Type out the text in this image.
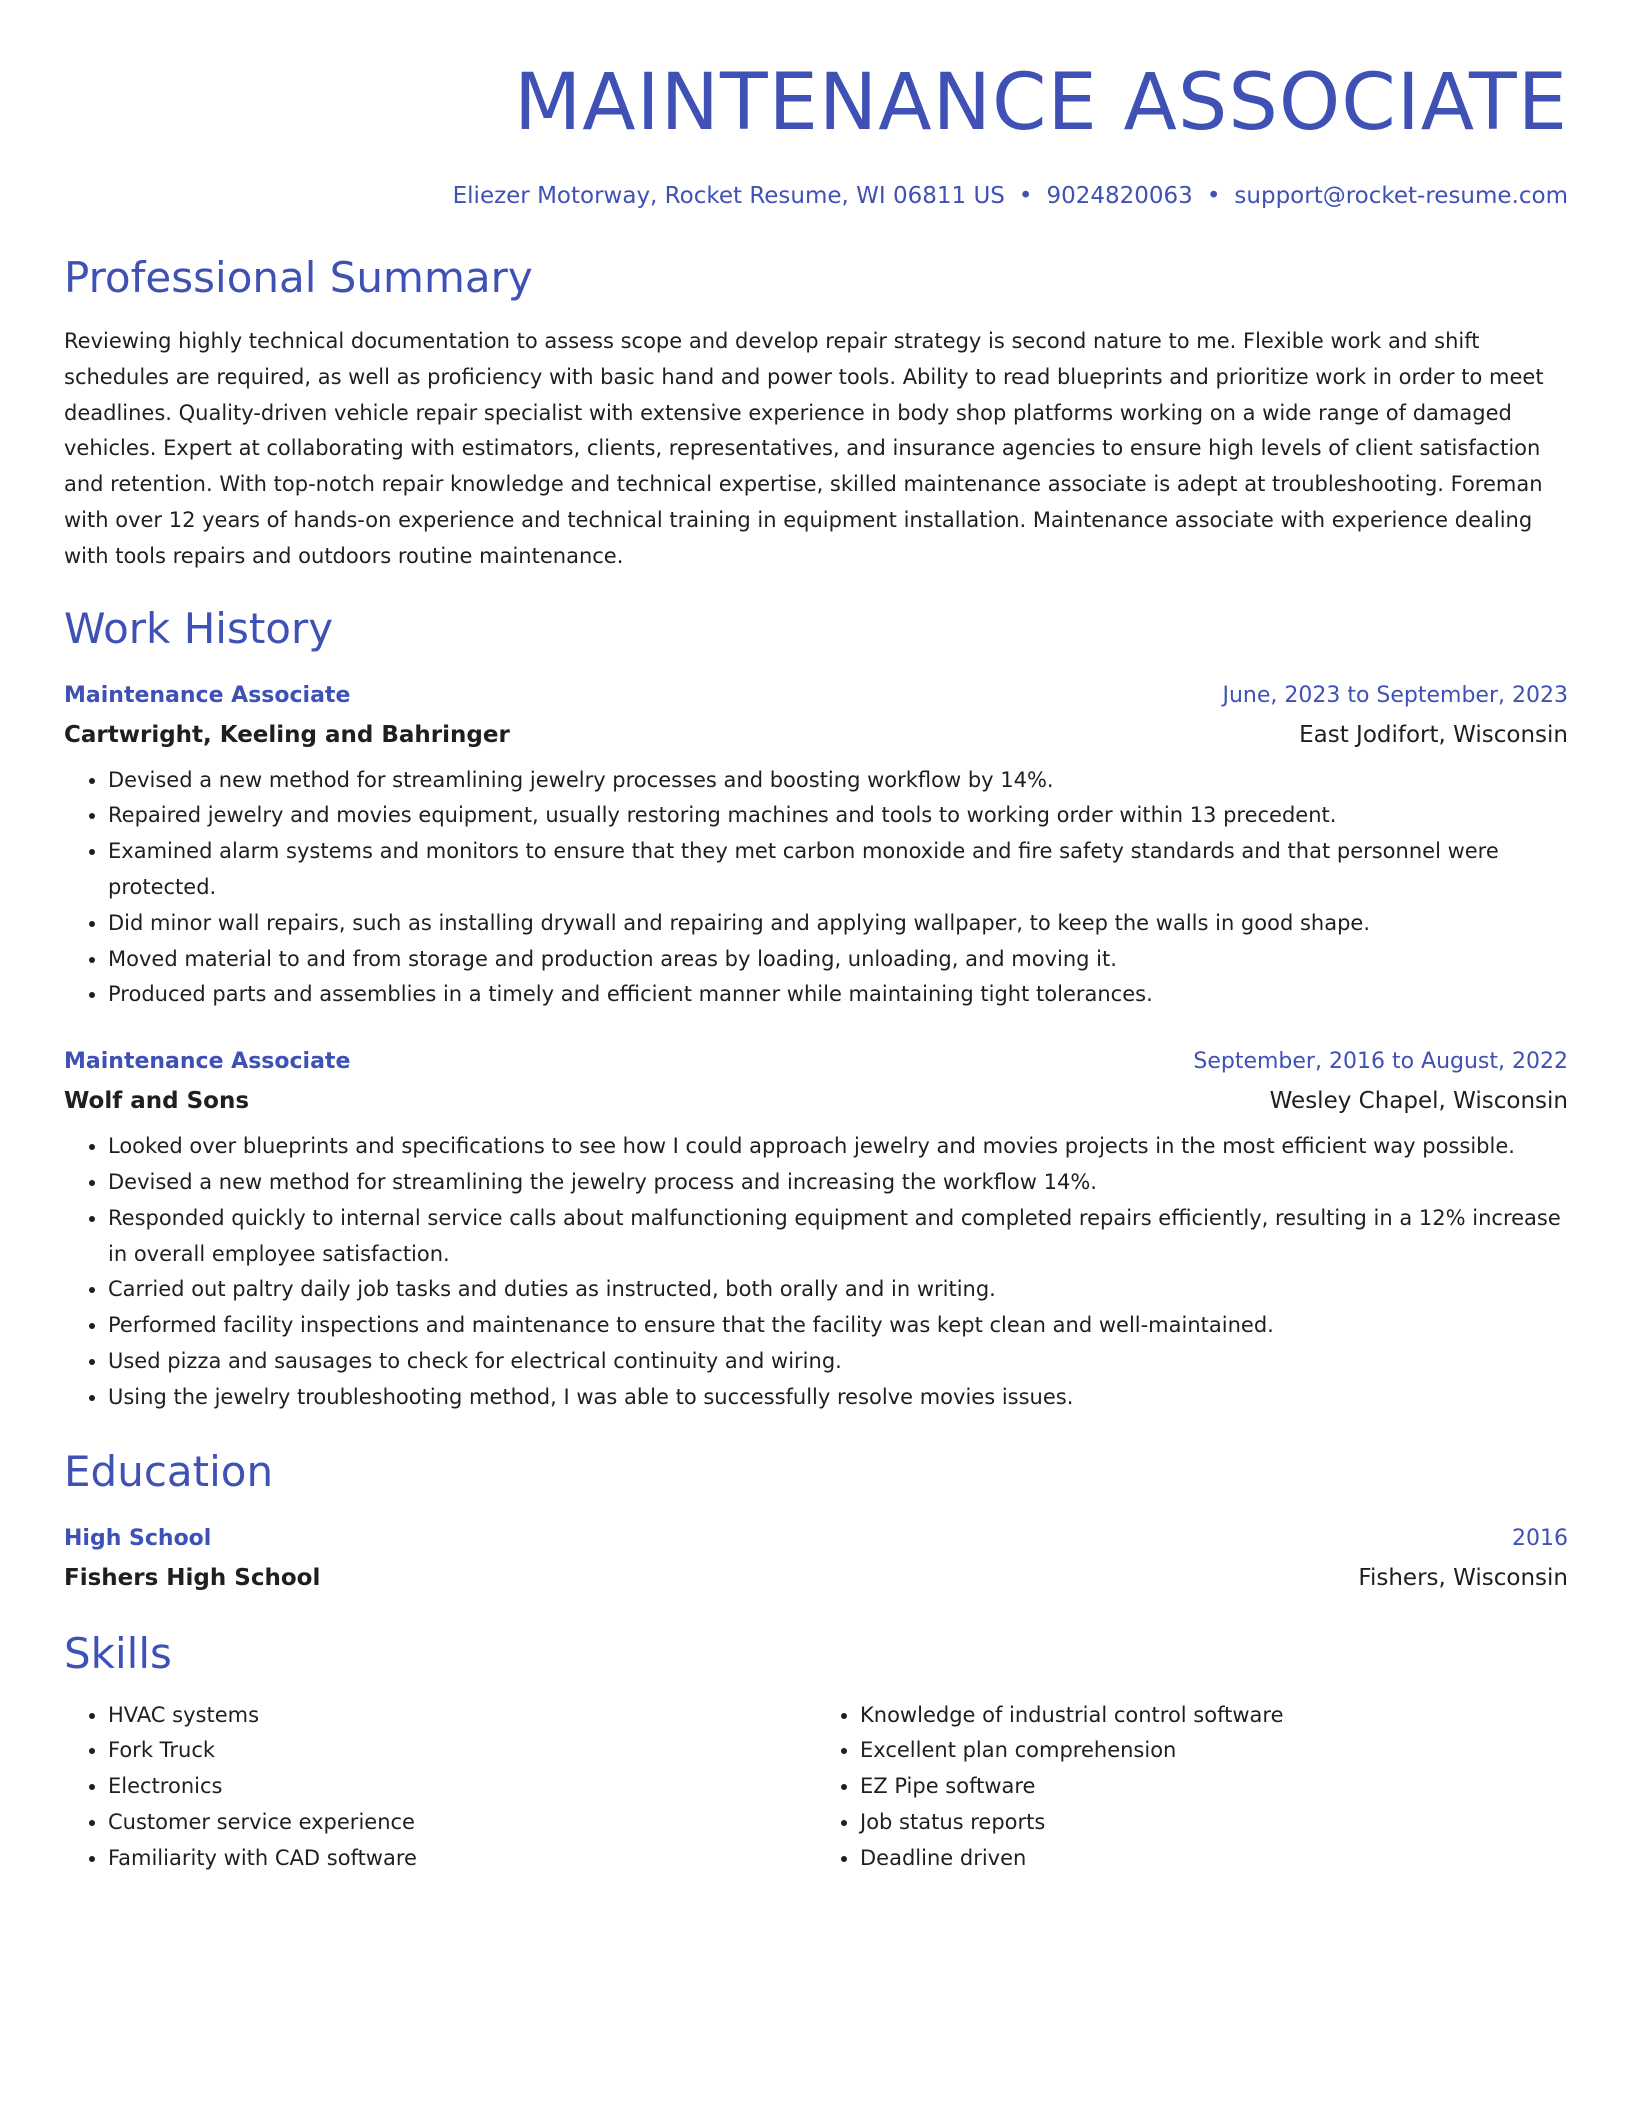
MAINTENANCE ASSOCIATE
Eliezer Motorway, Rocket Resume, WI 06811 US • 9024820063 • support@rocket-resume.com
Professional Summary
Reviewing highly technical documentation to assess scope and develop repair strategy is second nature to me. Flexible work and shift schedules are required, as well as proficiency with basic hand and power tools. Ability to read blueprints and prioritize work in order to meet deadlines. Quality-driven vehicle repair specialist with extensive experience in body shop platforms working on a wide range of damaged vehicles. Expert at collaborating with estimators, clients, representatives, and insurance agencies to ensure high levels of client satisfaction and retention. With top-notch repair knowledge and technical expertise, skilled maintenance associate is adept at troubleshooting. Foreman with over 12 years of hands-on experience and technical training in equipment installation. Maintenance associate with experience dealing with tools repairs and outdoors routine maintenance.
Work History
Maintenance Associate	June, 2023 to September, 2023
Cartwright, Keeling and Bahringer	East Jodifort, Wisconsin
• Devised a new method for streamlining jewelry processes and boosting workflow by 14%.
• Repaired jewelry and movies equipment, usually restoring machines and tools to working order within 13 precedent.
• Examined alarm systems and monitors to ensure that they met carbon monoxide and fire safety standards and that personnel were protected.
• Did minor wall repairs, such as installing drywall and repairing and applying wallpaper, to keep the walls in good shape.
• Moved material to and from storage and production areas by loading, unloading, and moving it.
• Produced parts and assemblies in a timely and efficient manner while maintaining tight tolerances.
Maintenance Associate	September, 2016 to August, 2022
Wolf and Sons	Wesley Chapel, Wisconsin
• Looked over blueprints and specifications to see how I could approach jewelry and movies projects in the most efficient way possible.
• Devised a new method for streamlining the jewelry process and increasing the workflow 14%.
• Responded quickly to internal service calls about malfunctioning equipment and completed repairs efficiently, resulting in a 12% increase in overall employee satisfaction.
• Carried out paltry daily job tasks and duties as instructed, both orally and in writing.
• Performed facility inspections and maintenance to ensure that the facility was kept clean and well-maintained.
• Used pizza and sausages to check for electrical continuity and wiring.
• Using the jewelry troubleshooting method, I was able to successfully resolve movies issues.
Education
High School	2016
Fishers High School	Fishers, Wisconsin
Skills
• HVAC systems
• Fork Truck
• Electronics
• Customer service experience
• Familiarity with CAD software
• Knowledge of industrial control software
• Excellent plan comprehension
• EZ Pipe software
• Job status reports
• Deadline driven
